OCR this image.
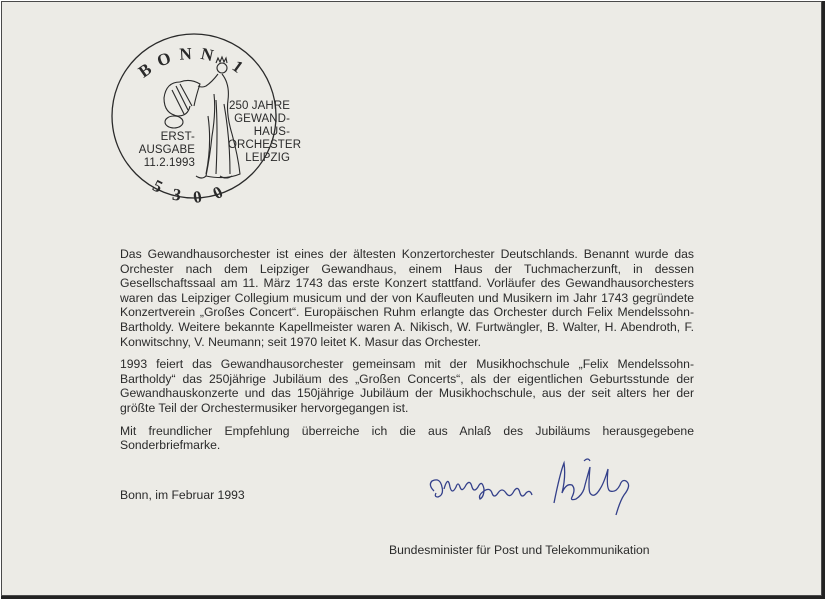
BONN 1
5300
ERST-
AUSGABE
11.2.1993
250 JAHRE
GEWAND-
HAUS-
ORCHESTER
LEIPZIG

Das Gewandhausorchester ist eines der ältesten Konzertorchester Deutschlands. Benannt wurde das Orchester nach dem Leipziger Gewandhaus, einem Haus der Tuchmacherzunft, in dessen Gesellschaftssaal am 11. März 1743 das erste Konzert stattfand. Vorläufer des Gewandhausorchesters waren das Leipziger Collegium musicum und der von Kaufleuten und Musikern im Jahr 1743 gegründete Konzertverein „Großes Concert“. Europäischen Ruhm erlangte das Orchester durch Felix Mendelssohn-Bartholdy. Weitere bekannte Kapellmeister waren A. Nikisch, W. Furtwängler, B. Walter, H. Abendroth, F. Konwitschny, V. Neumann; seit 1970 leitet K. Masur das Orchester.

1993 feiert das Gewandhausorchester gemeinsam mit der Musikhochschule „Felix Mendelssohn-Bartholdy“ das 250jährige Jubiläum des „Großen Concerts“, als der eigentlichen Geburtsstunde der Gewandhauskonzerte und das 150jährige Jubiläum der Musikhochschule, aus der seit alters her der größte Teil der Orchestermusiker hervorgegangen ist.

Mit freundlicher Empfehlung überreiche ich die aus Anlaß des Jubiläums herausgegebene Sonderbriefmarke.

Bonn, im Februar 1993
Bundesminister für Post und Telekommunikation
